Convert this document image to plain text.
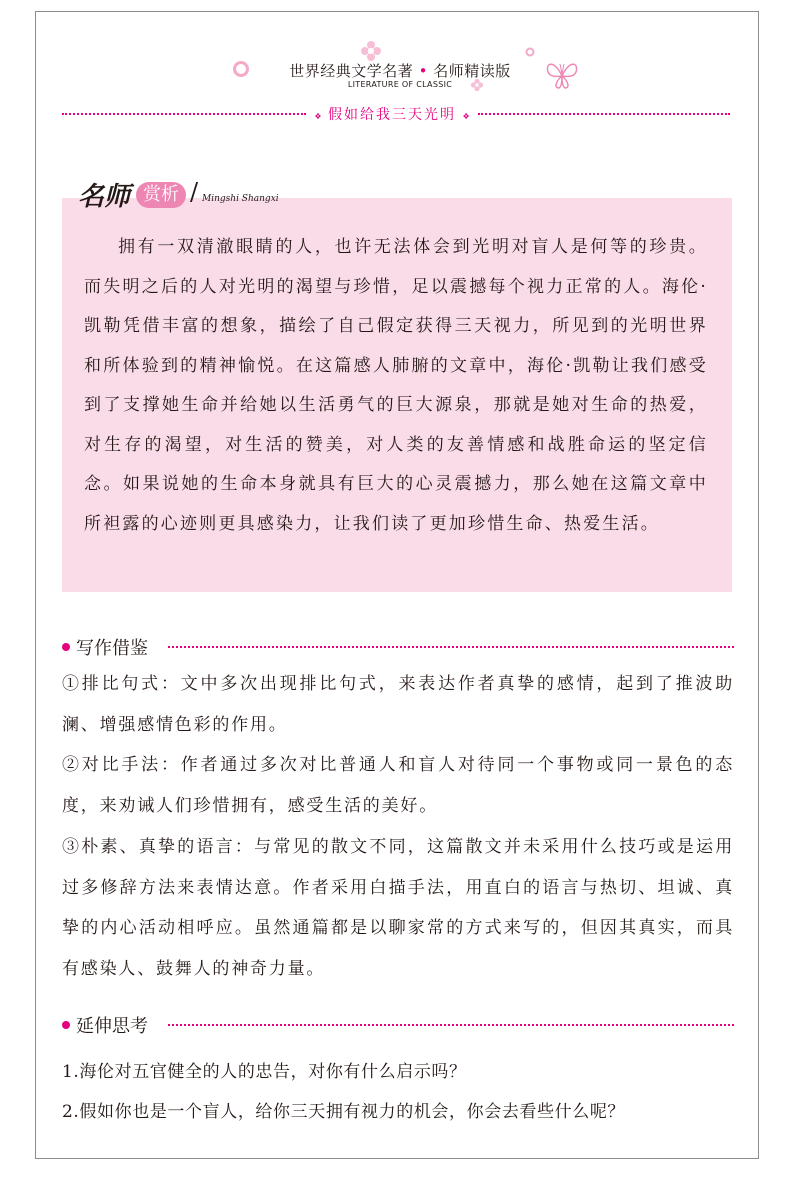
世界经典文学名著 • 名师精读版
LITERATURE OF CLASSIC
❖ 假如给我三天光明 ❖
名师 赏析 / Mingshi Shangxi

拥有一双清澈眼睛的人，也许无法体会到光明对盲人是何等的珍贵。而失明之后的人对光明的渴望与珍惜，足以震撼每个视力正常的人。海伦·凯勒凭借丰富的想象，描绘了自己假定获得三天视力，所见到的光明世界和所体验到的精神愉悦。在这篇感人肺腑的文章中，海伦·凯勒让我们感受到了支撑她生命并给她以生活勇气的巨大源泉，那就是她对生命的热爱，对生存的渴望，对生活的赞美，对人类的友善情感和战胜命运的坚定信念。如果说她的生命本身就具有巨大的心灵震撼力，那么她在这篇文章中所袒露的心迹则更具感染力，让我们读了更加珍惜生命、热爱生活。

写作借鉴
①排比句式：文中多次出现排比句式，来表达作者真挚的感情，起到了推波助澜、增强感情色彩的作用。
②对比手法：作者通过多次对比普通人和盲人对待同一个事物或同一景色的态度，来劝诫人们珍惜拥有，感受生活的美好。
③朴素、真挚的语言：与常见的散文不同，这篇散文并未采用什么技巧或是运用过多修辞方法来表情达意。作者采用白描手法，用直白的语言与热切、坦诚、真挚的内心活动相呼应。虽然通篇都是以聊家常的方式来写的，但因其真实，而具有感染人、鼓舞人的神奇力量。
延伸思考
1.海伦对五官健全的人的忠告，对你有什么启示吗？
2.假如你也是一个盲人，给你三天拥有视力的机会，你会去看些什么呢？
